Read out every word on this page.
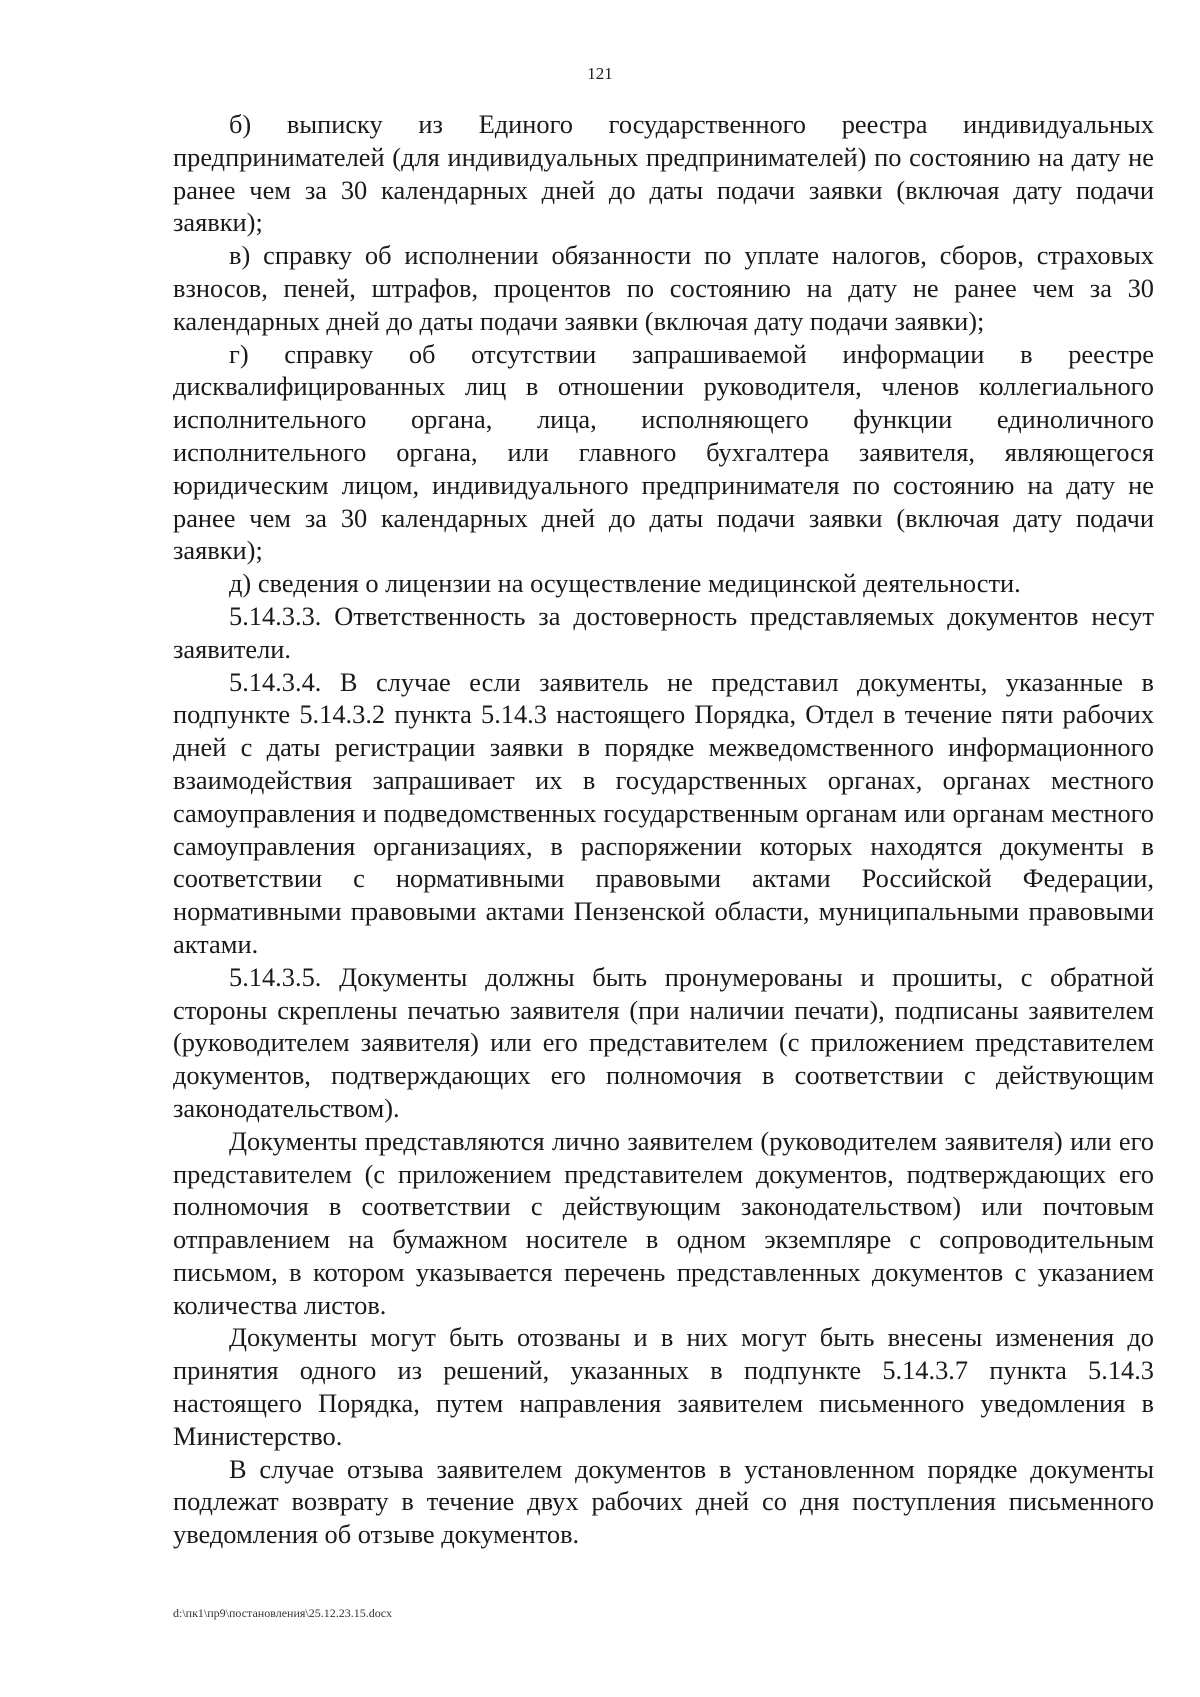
121

б) выписку из Единого государственного реестра индивидуальных предпринимателей (для индивидуальных предпринимателей) по состоянию на дату не ранее чем за 30 календарных дней до даты подачи заявки (включая дату подачи заявки);

в) справку об исполнении обязанности по уплате налогов, сборов, страховых взносов, пеней, штрафов, процентов по состоянию на дату не ранее чем за 30 календарных дней до даты подачи заявки (включая дату подачи заявки);

г) справку об отсутствии запрашиваемой информации в реестре дисквалифицированных лиц в отношении руководителя, членов коллегиального исполнительного органа, лица, исполняющего функции единоличного исполнительного органа, или главного бухгалтера заявителя, являющегося юридическим лицом, индивидуального предпринимателя по состоянию на дату не ранее чем за 30 календарных дней до даты подачи заявки (включая дату подачи заявки);

д) сведения о лицензии на осуществление медицинской деятельности.

5.14.3.3. Ответственность за достоверность представляемых документов несут заявители.

5.14.3.4. В случае если заявитель не представил документы, указанные в подпункте 5.14.3.2 пункта 5.14.3 настоящего Порядка, Отдел в течение пяти рабочих дней с даты регистрации заявки в порядке межведомственного информационного взаимодействия запрашивает их в государственных органах, органах местного самоуправления и подведомственных государственным органам или органам местного самоуправления организациях, в распоряжении которых находятся документы в соответствии с нормативными правовыми актами Российской Федерации, нормативными правовыми актами Пензенской области, муниципальными правовыми актами.

5.14.3.5. Документы должны быть пронумерованы и прошиты, с обратной стороны скреплены печатью заявителя (при наличии печати), подписаны заявителем (руководителем заявителя) или его представителем (с приложением представителем документов, подтверждающих его полномочия в соответствии с действующим законодательством).

Документы представляются лично заявителем (руководителем заявителя) или его представителем (с приложением представителем документов, подтверждающих его полномочия в соответствии с действующим законодательством) или почтовым отправлением на бумажном носителе в одном экземпляре с сопроводительным письмом, в котором указывается перечень представленных документов с указанием количества листов.

Документы могут быть отозваны и в них могут быть внесены изменения до принятия одного из решений, указанных в подпункте 5.14.3.7 пункта 5.14.3 настоящего Порядка, путем направления заявителем письменного уведомления в Министерство.

В случае отзыва заявителем документов в установленном порядке документы подлежат возврату в течение двух рабочих дней со дня поступления письменного уведомления об отзыве документов.

d:\пк1\пр9\постановления\25.12.23.15.docx
